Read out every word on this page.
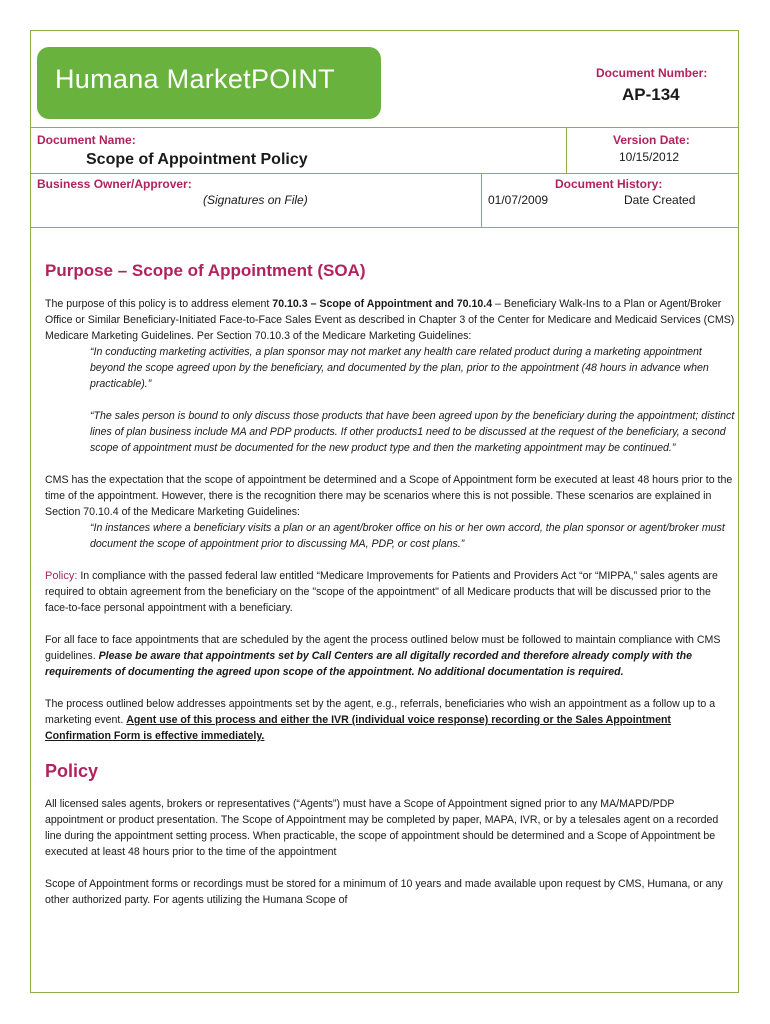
Humana MarketPOINT	Document Number:
AP-134
Document Name:
Scope of Appointment Policy
Version Date:
10/15/2012
Business Owner/Approver:
(Signatures on File)
Document History:
01/07/2009	Date Created
Purpose – Scope of Appointment (SOA)

The purpose of this policy is to address element 70.10.3 – Scope of Appointment and 70.10.4 – Beneficiary Walk-Ins to a Plan or Agent/Broker Office or Similar Beneficiary-Initiated Face-to-Face Sales Event as described in Chapter 3 of the Center for Medicare and Medicaid Services (CMS) Medicare Marketing Guidelines. Per Section 70.10.3 of the Medicare Marketing Guidelines:

“In conducting marketing activities, a plan sponsor may not market any health care related product during a marketing appointment beyond the scope agreed upon by the beneficiary, and documented by the plan, prior to the appointment (48 hours in advance when practicable).”

“The sales person is bound to only discuss those products that have been agreed upon by the beneficiary during the appointment; distinct lines of plan business include MA and PDP products. If other products1 need to be discussed at the request of the beneficiary, a second scope of appointment must be documented for the new product type and then the marketing appointment may be continued.”

CMS has the expectation that the scope of appointment be determined and a Scope of Appointment form be executed at least 48 hours prior to the time of the appointment. However, there is the recognition there may be scenarios where this is not possible. These scenarios are explained in Section 70.10.4 of the Medicare Marketing Guidelines:

“In instances where a beneficiary visits a plan or an agent/broker office on his or her own accord, the plan sponsor or agent/broker must document the scope of appointment prior to discussing MA, PDP, or cost plans.”

Policy: In compliance with the passed federal law entitled “Medicare Improvements for Patients and Providers Act “or “MIPPA,” sales agents are required to obtain agreement from the beneficiary on the "scope of the appointment" of all Medicare products that will be discussed prior to the face-to-face personal appointment with a beneficiary.

For all face to face appointments that are scheduled by the agent the process outlined below must be followed to maintain compliance with CMS guidelines. Please be aware that appointments set by Call Centers are all digitally recorded and therefore already comply with the requirements of documenting the agreed upon scope of the appointment. No additional documentation is required.

The process outlined below addresses appointments set by the agent, e.g., referrals, beneficiaries who wish an appointment as a follow up to a marketing event. Agent use of this process and either the IVR (individual voice response) recording or the Sales Appointment Confirmation Form is effective immediately.

Policy

All licensed sales agents, brokers or representatives (“Agents”) must have a Scope of Appointment signed prior to any MA/MAPD/PDP appointment or product presentation. The Scope of Appointment may be completed by paper, MAPA, IVR, or by a telesales agent on a recorded line during the appointment setting process. When practicable, the scope of appointment should be determined and a Scope of Appointment be executed at least 48 hours prior to the time of the appointment

Scope of Appointment forms or recordings must be stored for a minimum of 10 years and made available upon request by CMS, Humana, or any other authorized party. For agents utilizing the Humana Scope of
